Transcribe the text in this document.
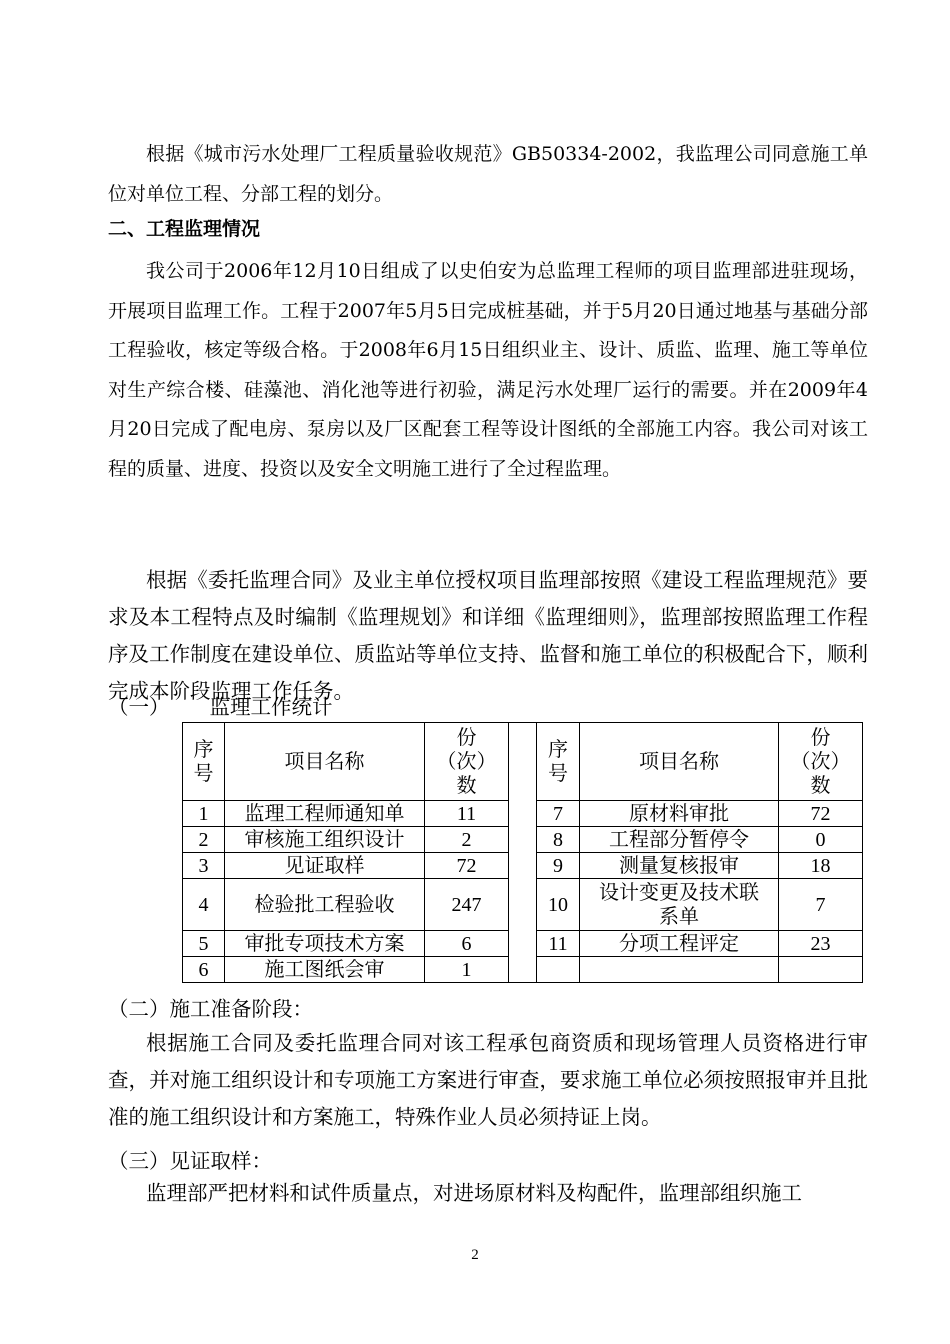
根据《城市污水处理厂工程质量验收规范》GB50334-2002，我监理公司同意施工单位对单位工程、分部工程的划分。

二、工程监理情况

我公司于2006年12月10日组成了以史伯安为总监理工程师的项目监理部进驻现场，开展项目监理工作。工程于2007年5月5日完成桩基础，并于5月20日通过地基与基础分部工程验收，核定等级合格。于2008年6月15日组织业主、设计、质监、监理、施工等单位对生产综合楼、硅藻池、消化池等进行初验，满足污水处理厂运行的需要。并在2009年4月20日完成了配电房、泵房以及厂区配套工程等设计图纸的全部施工内容。我公司对该工程的质量、进度、投资以及安全文明施工进行了全过程监理。

根据《委托监理合同》及业主单位授权项目监理部按照《建设工程监理规范》要求及本工程特点及时编制《监理规划》和详细《监理细则》，监理部按照监理工作程序及工作制度在建设单位、质监站等单位支持、监督和施工单位的积极配合下，顺利完成本阶段监理工作任务。

（一） 监理工作统计

序号	项目名称	份（次）数		序号	项目名称	份（次）数
1	监理工程师通知单	11		7	原材料审批	72
2	审核施工组织设计	2		8	工程部分暂停令	0
3	见证取样	72		9	测量复核报审	18
4	检验批工程验收	247		10	设计变更及技术联系单	7
5	审批专项技术方案	6		11	分项工程评定	23
6	施工图纸会审	1				

（二）施工准备阶段：

根据施工合同及委托监理合同对该工程承包商资质和现场管理人员资格进行审查，并对施工组织设计和专项施工方案进行审查，要求施工单位必须按照报审并且批准的施工组织设计和方案施工，特殊作业人员必须持证上岗。

（三）见证取样：

监理部严把材料和试件质量点，对进场原材料及构配件，监理部组织施工

2
